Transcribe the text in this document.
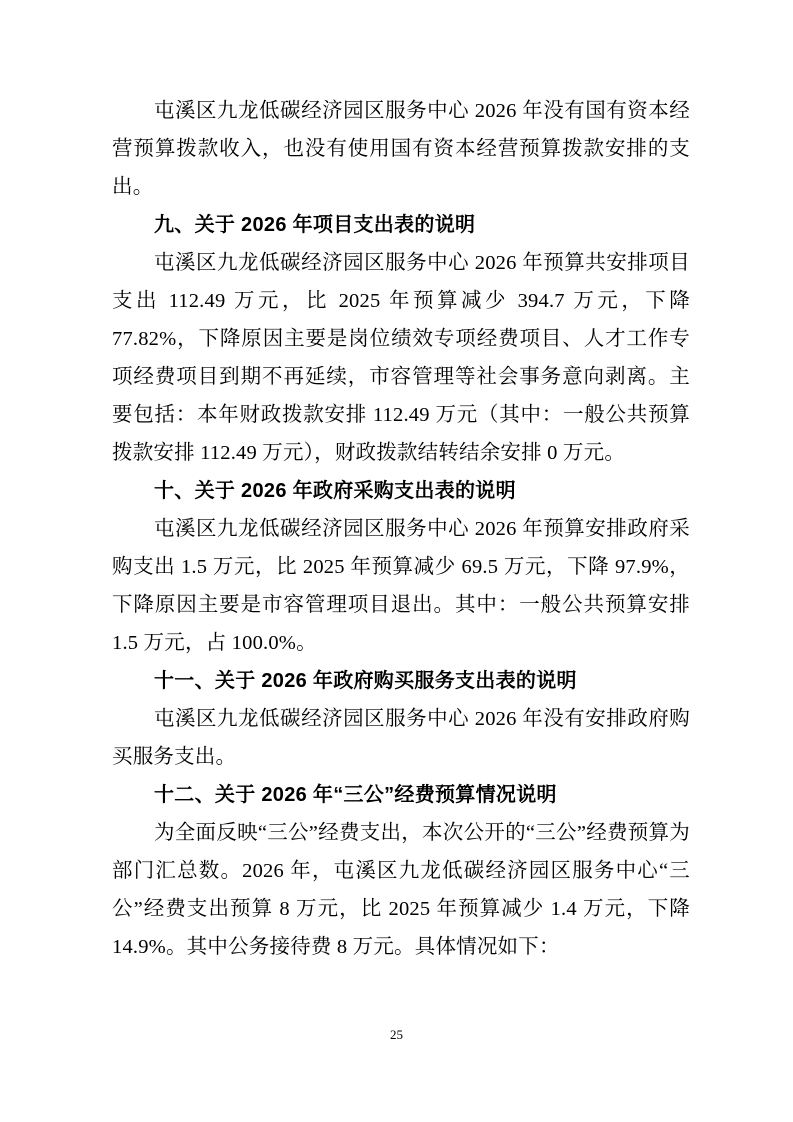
屯溪区九龙低碳经济园区服务中心 2026 年没有国有资本经营预算拨款收入，也没有使用国有资本经营预算拨款安排的支出。

九、关于 2026 年项目支出表的说明

屯溪区九龙低碳经济园区服务中心 2026 年预算共安排项目支出 112.49 万元，比 2025 年预算减少 394.7 万元，下降 77.82%，下降原因主要是岗位绩效专项经费项目、人才工作专项经费项目到期不再延续，市容管理等社会事务意向剥离。主要包括：本年财政拨款安排 112.49 万元（其中：一般公共预算拨款安排 112.49 万元），财政拨款结转结余安排 0 万元。

十、关于 2026 年政府采购支出表的说明

屯溪区九龙低碳经济园区服务中心 2026 年预算安排政府采购支出 1.5 万元，比 2025 年预算减少 69.5 万元，下降 97.9%，下降原因主要是市容管理项目退出。其中：一般公共预算安排 1.5 万元，占 100.0%。

十一、关于 2026 年政府购买服务支出表的说明

屯溪区九龙低碳经济园区服务中心 2026 年没有安排政府购买服务支出。

十二、关于 2026 年“三公”经费预算情况说明

为全面反映“三公”经费支出，本次公开的“三公”经费预算为部门汇总数。2026 年，屯溪区九龙低碳经济园区服务中心“三公”经费支出预算 8 万元，比 2025 年预算减少 1.4 万元，下降 14.9%。其中公务接待费 8 万元。具体情况如下：

25
